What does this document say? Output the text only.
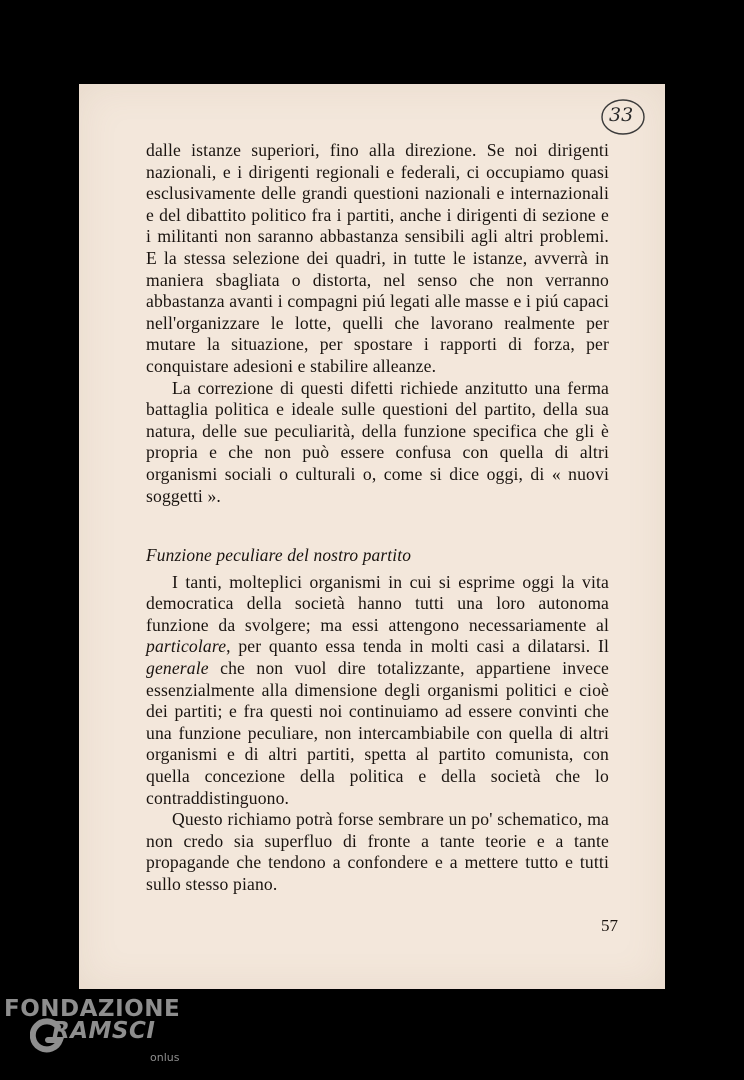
33

dalle istanze superiori, fino alla direzione. Se noi dirigenti nazionali, e i dirigenti regionali e federali, ci occupiamo quasi esclusivamente delle grandi questioni nazionali e internazionali e del dibattito politico fra i partiti, anche i dirigenti di sezione e i militanti non saranno abbastanza sensibili agli altri problemi. E la stessa selezione dei quadri, in tutte le istanze, avverrà in maniera sbagliata o distorta, nel senso che non verranno abbastanza avanti i compagni piú legati alle masse e i piú capaci nell'organizzare le lotte, quelli che lavorano realmente per mutare la situazione, per spostare i rapporti di forza, per conquistare adesioni e stabilire alleanze.

La correzione di questi difetti richiede anzitutto una ferma battaglia politica e ideale sulle questioni del partito, della sua natura, delle sue peculiarità, della funzione specifica che gli è propria e che non può essere confusa con quella di altri organismi sociali o culturali o, come si dice oggi, di « nuovi soggetti ».

Funzione peculiare del nostro partito

I tanti, molteplici organismi in cui si esprime oggi la vita democratica della società hanno tutti una loro autonoma funzione da svolgere; ma essi attengono necessariamente al particolare, per quanto essa tenda in molti casi a dilatarsi. Il generale che non vuol dire totalizzante, appartiene invece essenzialmente alla dimensione degli organismi politici e cioè dei partiti; e fra questi noi continuiamo ad essere convinti che una funzione peculiare, non intercambiabile con quella di altri organismi e di altri partiti, spetta al partito comunista, con quella concezione della politica e della società che lo contraddistinguono.

Questo richiamo potrà forse sembrare un po' schematico, ma non credo sia superfluo di fronte a tante teorie e a tante propagande che tendono a confondere e a mettere tutto e tutti sullo stesso piano.

57
FONDAZIONE
RAMSCI
onlus
